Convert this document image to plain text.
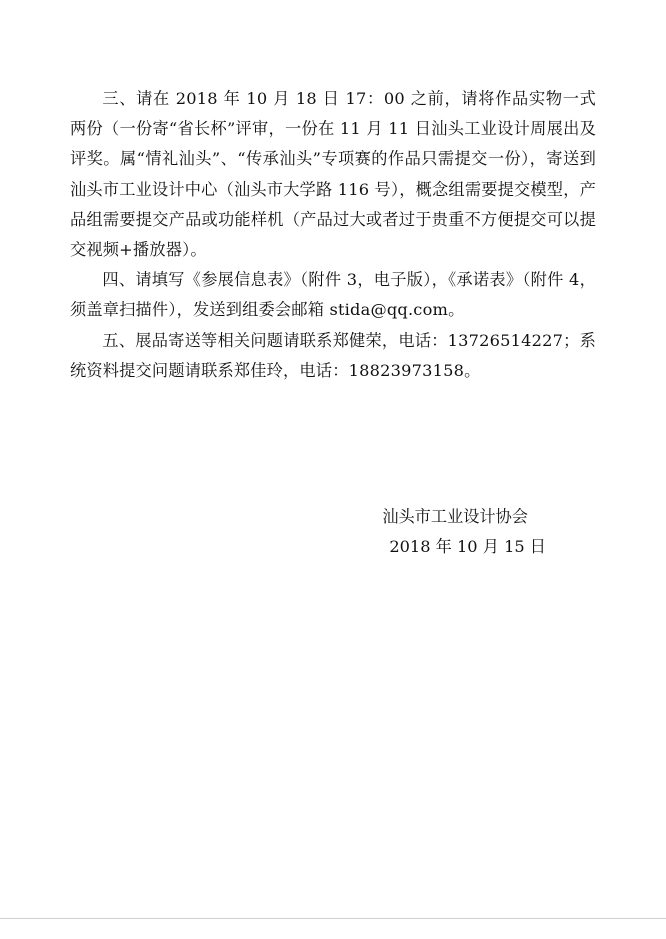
三、请在 2018 年 10 月 18 日 17：00 之前，请将作品实物一式两份（一份寄“省长杯”评审，一份在 11 月 11 日汕头工业设计周展出及评奖。属“情礼汕头”、“传承汕头”专项赛的作品只需提交一份），寄送到汕头市工业设计中心（汕头市大学路 116 号），概念组需要提交模型，产品组需要提交产品或功能样机（产品过大或者过于贵重不方便提交可以提交视频+播放器）。

四、请填写《参展信息表》（附件 3，电子版），《承诺表》（附件 4，须盖章扫描件），发送到组委会邮箱 stida@qq.com。

五、展品寄送等相关问题请联系郑健荣，电话：13726514227；系统资料提交问题请联系郑佳玲，电话：18823973158。

汕头市工业设计协会
2018 年 10 月 15 日
